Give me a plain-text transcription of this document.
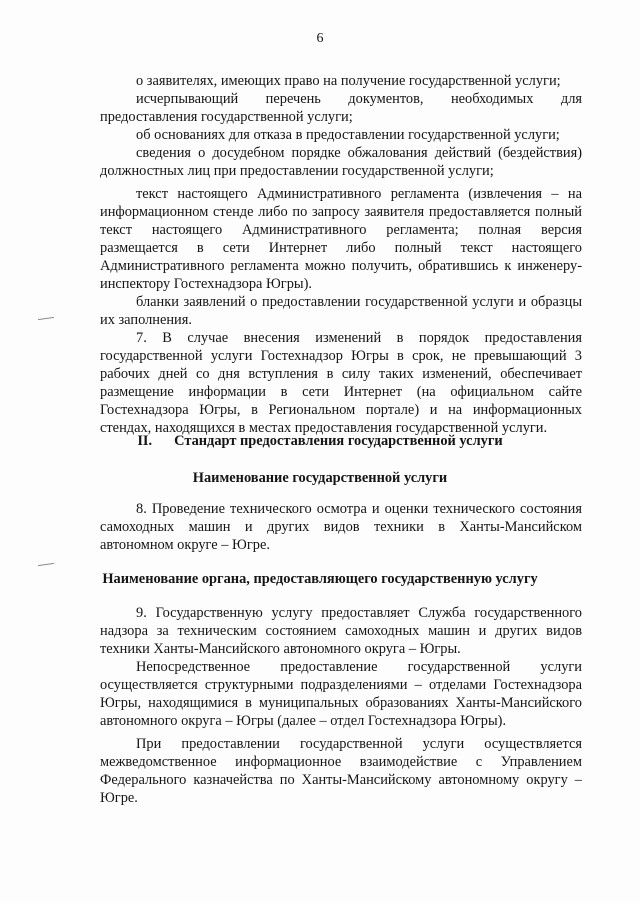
6

о заявителях, имеющих право на получение государственной услуги;

исчерпывающий перечень документов, необходимых для предоставления государственной услуги;

об основаниях для отказа в предоставлении государственной услуги;

сведения о досудебном порядке обжалования действий (бездействия) должностных лиц при предоставлении государственной услуги;

текст настоящего Административного регламента (извлечения – на информационном стенде либо по запросу заявителя предоставляется полный текст настоящего Административного регламента; полная версия размещается в сети Интернет либо полный текст настоящего Административного регламента можно получить, обратившись к инженеру-инспектору Гостехнадзора Югры).

бланки заявлений о предоставлении государственной услуги и образцы их заполнения.

7. В случае внесения изменений в порядок предоставления государственной услуги Гостехнадзор Югры в срок, не превышающий 3 рабочих дней со дня вступления в силу таких изменений, обеспечивает размещение информации в сети Интернет (на официальном сайте Гостехнадзора Югры, в Региональном портале) и на информационных стендах, находящихся в местах предоставления государственной услуги.

II. Стандарт предоставления государственной услуги
Наименование государственной услуги

8. Проведение технического осмотра и оценки технического состояния самоходных машин и других видов техники в Ханты-Мансийском автономном округе – Югре.

Наименование органа, предоставляющего государственную услугу

9. Государственную услугу предоставляет Служба государственного надзора за техническим состоянием самоходных машин и других видов техники Ханты-Мансийского автономного округа – Югры.

Непосредственное предоставление государственной услуги осуществляется структурными подразделениями – отделами Гостехнадзора Югры, находящимися в муниципальных образованиях Ханты-Мансийского автономного округа – Югры (далее – отдел Гостехнадзора Югры).

При предоставлении государственной услуги осуществляется межведомственное информационное взаимодействие с Управлением Федерального казначейства по Ханты-Мансийскому автономному округу – Югре.
